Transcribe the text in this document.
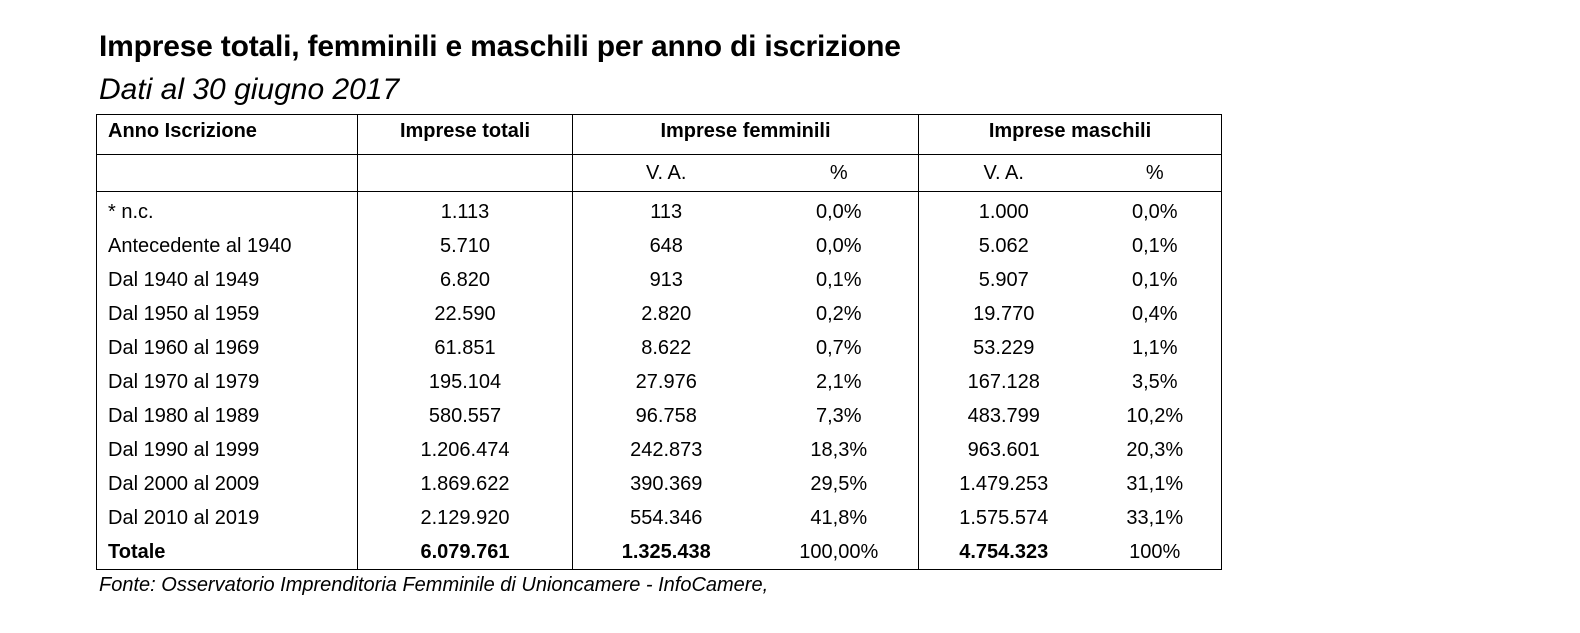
Imprese totali, femminili e maschili per anno di iscrizione
Dati al 30 giugno 2017
Anno Iscrizione	Imprese totali	Imprese femminili		Imprese maschili	
		V. A.	%	V. A.	%
* n.c.	1.113	113	0,0%	1.000	0,0%
Antecedente al 1940	5.710	648	0,0%	5.062	0,1%
Dal 1940 al 1949	6.820	913	0,1%	5.907	0,1%
Dal 1950 al 1959	22.590	2.820	0,2%	19.770	0,4%
Dal 1960 al 1969	61.851	8.622	0,7%	53.229	1,1%
Dal 1970 al 1979	195.104	27.976	2,1%	167.128	3,5%
Dal 1980 al 1989	580.557	96.758	7,3%	483.799	10,2%
Dal 1990 al 1999	1.206.474	242.873	18,3%	963.601	20,3%
Dal 2000 al 2009	1.869.622	390.369	29,5%	1.479.253	31,1%
Dal 2010 al 2019	2.129.920	554.346	41,8%	1.575.574	33,1%
Totale	6.079.761	1.325.438	100,00%	4.754.323	100%
Fonte: Osservatorio Imprenditoria Femminile di Unioncamere - InfoCamere,
